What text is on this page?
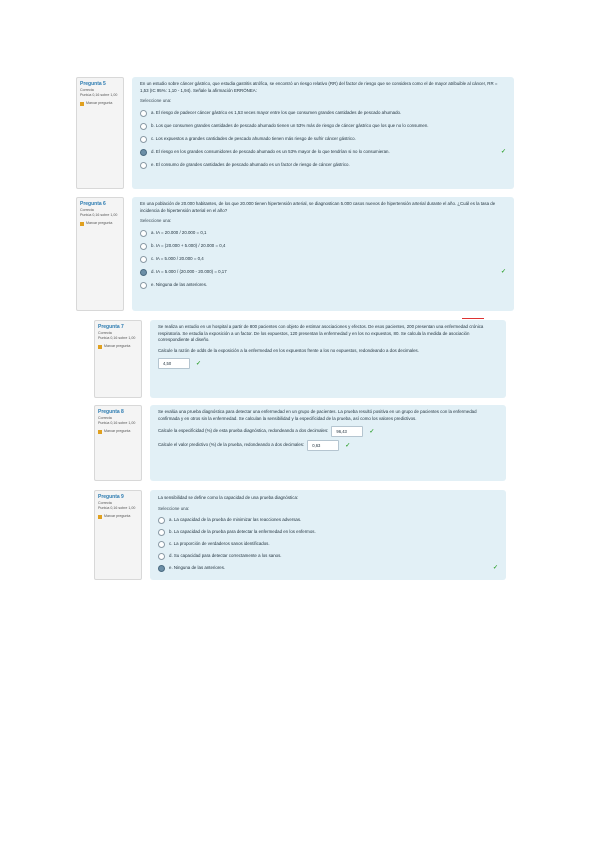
Pregunta 5
Correcta
Puntúa 0,16 sobre 1,00
Marcar pregunta
En un estudio sobre cáncer gástrico, que estudia gastritis atrófica, se encontró un riesgo relativo (RR) del factor de riesgo que se considera como el de mayor atribuible al cáncer, RR = 1,53 (IC 95%: 1,10 - 1,94). Señale la afirmación ERRÓNEA:
Seleccione una:
a. El riesgo de padecer cáncer gástrico es 1,53 veces mayor entre los que consumen grandes cantidades de pescado ahumado.
b. Los que consumen grandes cantidades de pescado ahumado tienen un 53% más de riesgo de cáncer gástrico que los que no lo consumen.
c. Los expuestos a grandes cantidades de pescado ahumado tienen más riesgo de sufrir cáncer gástrico.
d. El riesgo en los grandes consumidores de pescado ahumado es un 53% mayor de lo que tendrían si no lo consumieran.	✓
e. El consumo de grandes cantidades de pescado ahumado es un factor de riesgo de cáncer gástrico.
Pregunta 6
Correcta
Puntúa 0,16 sobre 1,00
Marcar pregunta
En una población de 20.000 habitantes, de los que 20.000 tienen hipertensión arterial, se diagnostican 5.000 casos nuevos de hipertensión arterial durante el año. ¿Cuál es la tasa de incidencia de hipertensión arterial en el año?
Seleccione una:
a. IA = 20.000 / 20.000 = 0,1
b. IA = (20.000 + 5.000) / 20.000 = 0,4
c. IA = 5.000 / 20.000 = 0,4
d. IA = 5.000 / (20.000 - 20.000) = 0,17	✓
e. Ninguna de las anteriores.
Pregunta 7
Correcta
Puntúa 0,16 sobre 1,00
Marcar pregunta
Se realiza un estudio en un hospital a partir de 800 pacientes con objeto de estimar asociaciones y efectos. De esos pacientes, 200 presentan una enfermedad crónica respiratoria. Se estudia la exposición a un factor. De los expuestos, 120 presentan la enfermedad y en los no expuestos, 80. Se calcula la medida de asociación correspondiente al diseño.
Calcule la razón de odds de la exposición a la enfermedad en los expuestos frente a los no expuestos, redondeando a dos decimales.
4,50	✓
Pregunta 8
Correcta
Puntúa 0,16 sobre 1,00
Marcar pregunta
Se evalúa una prueba diagnóstica para detectar una enfermedad en un grupo de pacientes. La prueba resultó positiva en un grupo de pacientes con la enfermedad confirmada y en otros sin la enfermedad. Se calculan la sensibilidad y la especificidad de la prueba, así como los valores predictivos.
Calcule la especificidad (%) de esta prueba diagnóstica, redondeando a dos decimales:	96,43	✓
Calcule el valor predictivo (%) de la prueba, redondeando a dos decimales:	0,63	✓
Pregunta 9
Correcta
Puntúa 0,16 sobre 1,00
Marcar pregunta
La sensibilidad se define como la capacidad de una prueba diagnóstica:
Seleccione una:
a. La capacidad de la prueba de minimizar las reacciones adversas.
b. La capacidad de la prueba para detectar la enfermedad en los enfermos.
c. La proporción de verdaderos sanos identificados.
d. Su capacidad para detectar correctamente a los sanos.
e. Ninguna de las anteriores.	✓
